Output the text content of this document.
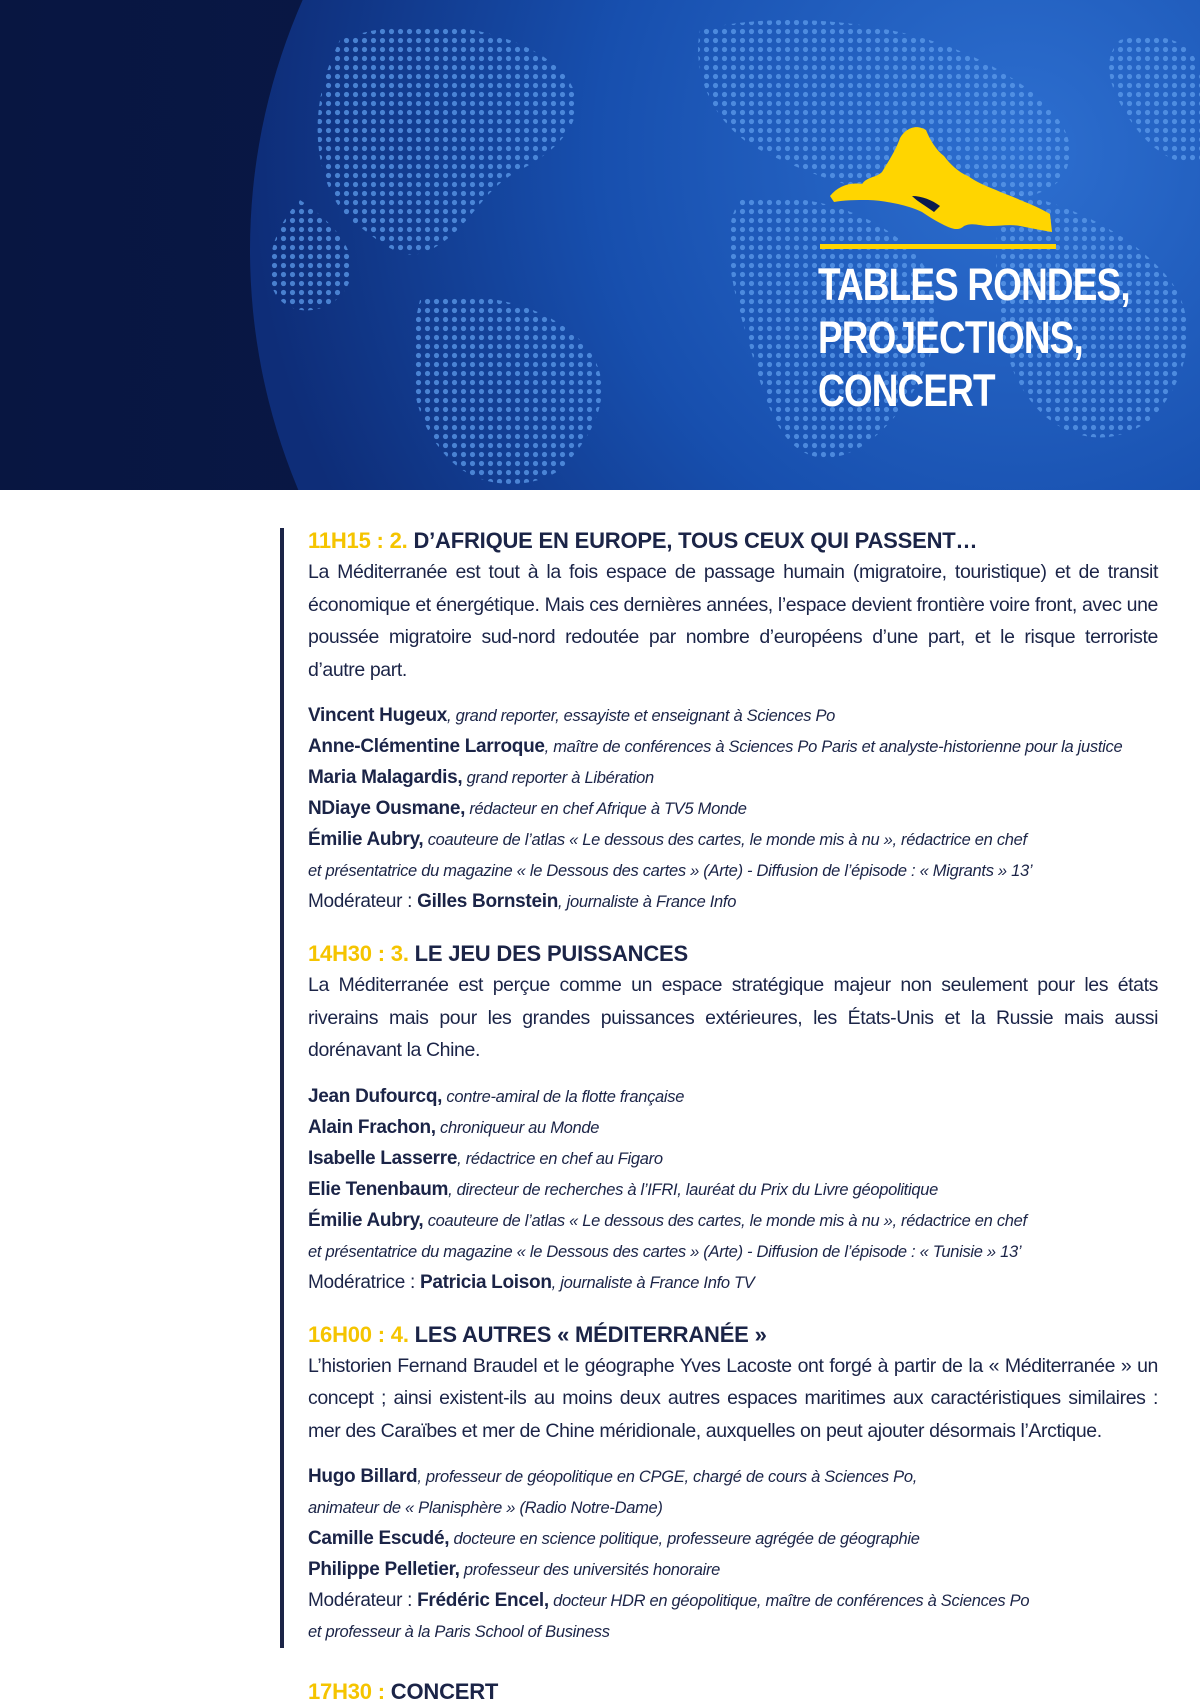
TABLES RONDES,
PROJECTIONS,
CONCERT
11H15 : 2. D’AFRIQUE EN EUROPE, TOUS CEUX QUI PASSENT…

La Méditerranée est tout à la fois espace de passage humain (migratoire, touristique) et de transit économique et énergétique. Mais ces dernières années, l’espace devient frontière voire front, avec une poussée migratoire sud-nord redoutée par nombre d’européens d’une part, et le risque terroriste d’autre part.

Vincent Hugeux, grand reporter, essayiste et enseignant à Sciences Po
Anne-Clémentine Larroque, maître de conférences à Sciences Po Paris et analyste-historienne pour la justice
Maria Malagardis, grand reporter à Libération
NDiaye Ousmane, rédacteur en chef Afrique à TV5 Monde
Émilie Aubry, coauteure de l’atlas « Le dessous des cartes, le monde mis à nu », rédactrice en chef
et présentatrice du magazine « le Dessous des cartes » (Arte) - Diffusion de l’épisode : « Migrants » 13’
Modérateur : Gilles Bornstein, journaliste à France Info
14H30 : 3. LE JEU DES PUISSANCES

La Méditerranée est perçue comme un espace stratégique majeur non seulement pour les états riverains mais pour les grandes puissances extérieures, les États-Unis et la Russie mais aussi dorénavant la Chine.

Jean Dufourcq, contre-amiral de la flotte française
Alain Frachon, chroniqueur au Monde
Isabelle Lasserre, rédactrice en chef au Figaro
Elie Tenenbaum, directeur de recherches à l’IFRI, lauréat du Prix du Livre géopolitique
Émilie Aubry, coauteure de l’atlas « Le dessous des cartes, le monde mis à nu », rédactrice en chef
et présentatrice du magazine « le Dessous des cartes » (Arte) - Diffusion de l’épisode : « Tunisie » 13’
Modératrice : Patricia Loison, journaliste à France Info TV
16H00 : 4. LES AUTRES « MÉDITERRANÉE »

L’historien Fernand Braudel et le géographe Yves Lacoste ont forgé à partir de la « Méditerranée » un concept ; ainsi existent-ils au moins deux autres espaces maritimes aux caractéristiques similaires : mer des Caraïbes et mer de Chine méridionale, auxquelles on peut ajouter désormais l’Arctique.

Hugo Billard, professeur de géopolitique en CPGE, chargé de cours à Sciences Po,
animateur de « Planisphère » (Radio Notre-Dame)
Camille Escudé, docteure en science politique, professeure agrégée de géographie
Philippe Pelletier, professeur des universités honoraire
Modérateur : Frédéric Encel, docteur HDR en géopolitique, maître de conférences à Sciences Po
et professeur à la Paris School of Business
17H30 : CONCERT
